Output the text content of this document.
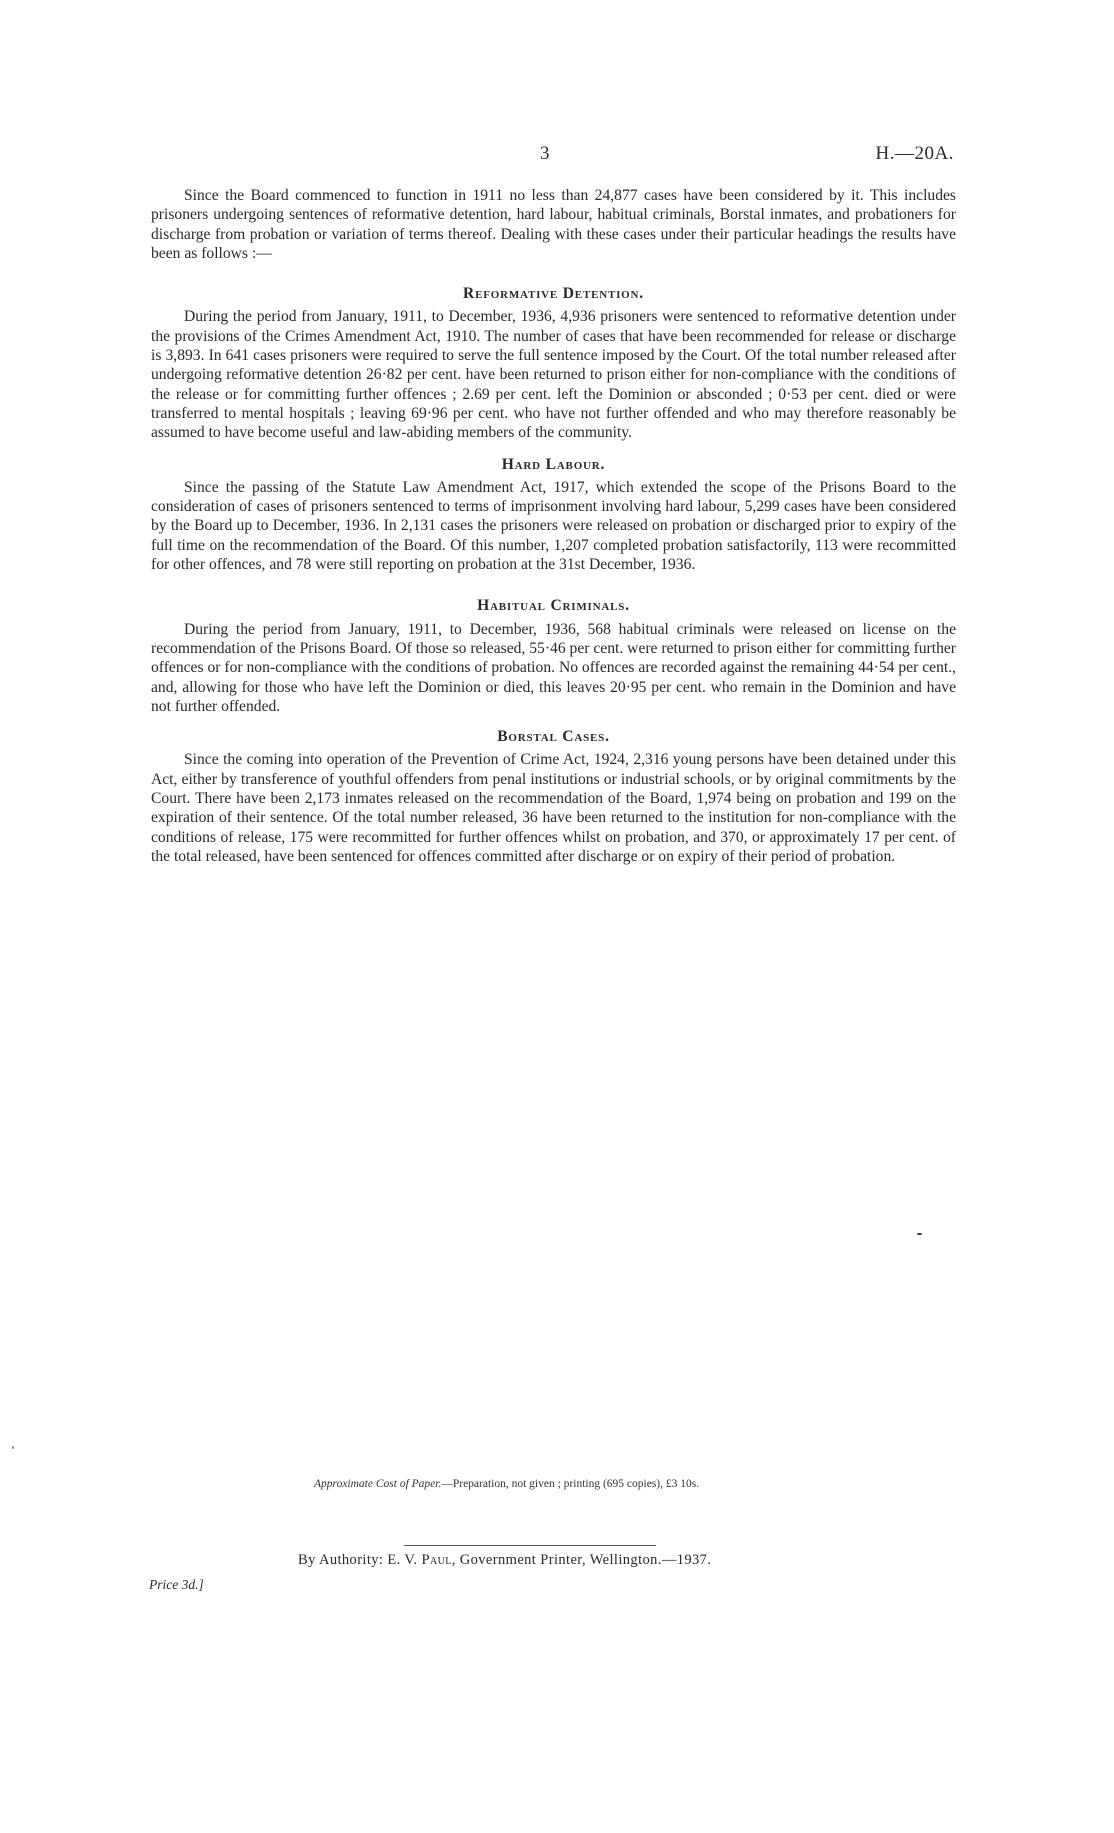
3	H.—20A.

Since the Board commenced to function in 1911 no less than 24,877 cases have been considered by it. This includes prisoners undergoing sentences of reformative detention, hard labour, habitual criminals, Borstal inmates, and probationers for discharge from probation or variation of terms thereof. Dealing with these cases under their particular headings the results have been as follows :—

Reformative Detention.

During the period from January, 1911, to December, 1936, 4,936 prisoners were sentenced to reformative detention under the provisions of the Crimes Amendment Act, 1910. The number of cases that have been recommended for release or discharge is 3,893. In 641 cases prisoners were required to serve the full sentence imposed by the Court. Of the total number released after undergoing reformative detention 26·82 per cent. have been returned to prison either for non-compliance with the conditions of the release or for committing further offences ; 2.69 per cent. left the Dominion or absconded ; 0·53 per cent. died or were transferred to mental hospitals ; leaving 69·96 per cent. who have not further offended and who may therefore reasonably be assumed to have become useful and law-abiding members of the community.

Hard Labour.

Since the passing of the Statute Law Amendment Act, 1917, which extended the scope of the Prisons Board to the consideration of cases of prisoners sentenced to terms of imprisonment involving hard labour, 5,299 cases have been considered by the Board up to December, 1936. In 2,131 cases the prisoners were released on probation or discharged prior to expiry of the full time on the recommendation of the Board. Of this number, 1,207 completed probation satisfactorily, 113 were recommitted for other offences, and 78 were still reporting on probation at the 31st December, 1936.

Habitual Criminals.

During the period from January, 1911, to December, 1936, 568 habitual criminals were released on license on the recommendation of the Prisons Board. Of those so released, 55·46 per cent. were returned to prison either for committing further offences or for non-compliance with the conditions of probation. No offences are recorded against the remaining 44·54 per cent., and, allowing for those who have left the Dominion or died, this leaves 20·95 per cent. who remain in the Dominion and have not further offended.

Borstal Cases.

Since the coming into operation of the Prevention of Crime Act, 1924, 2,316 young persons have been detained under this Act, either by transference of youthful offenders from penal institutions or industrial schools, or by original commitments by the Court. There have been 2,173 inmates released on the recommendation of the Board, 1,974 being on probation and 199 on the expiration of their sentence. Of the total number released, 36 have been returned to the institution for non-compliance with the conditions of release, 175 were recommitted for further offences whilst on probation, and 370, or approximately 17 per cent. of the total released, have been sentenced for offences committed after discharge or on expiry of their period of probation.

Approximate Cost of Paper.—Preparation, not given ; printing (695 copies), £3 10s.
By Authority: E. V. Paul, Government Printer, Wellington.—1937.
Price 3d.]
